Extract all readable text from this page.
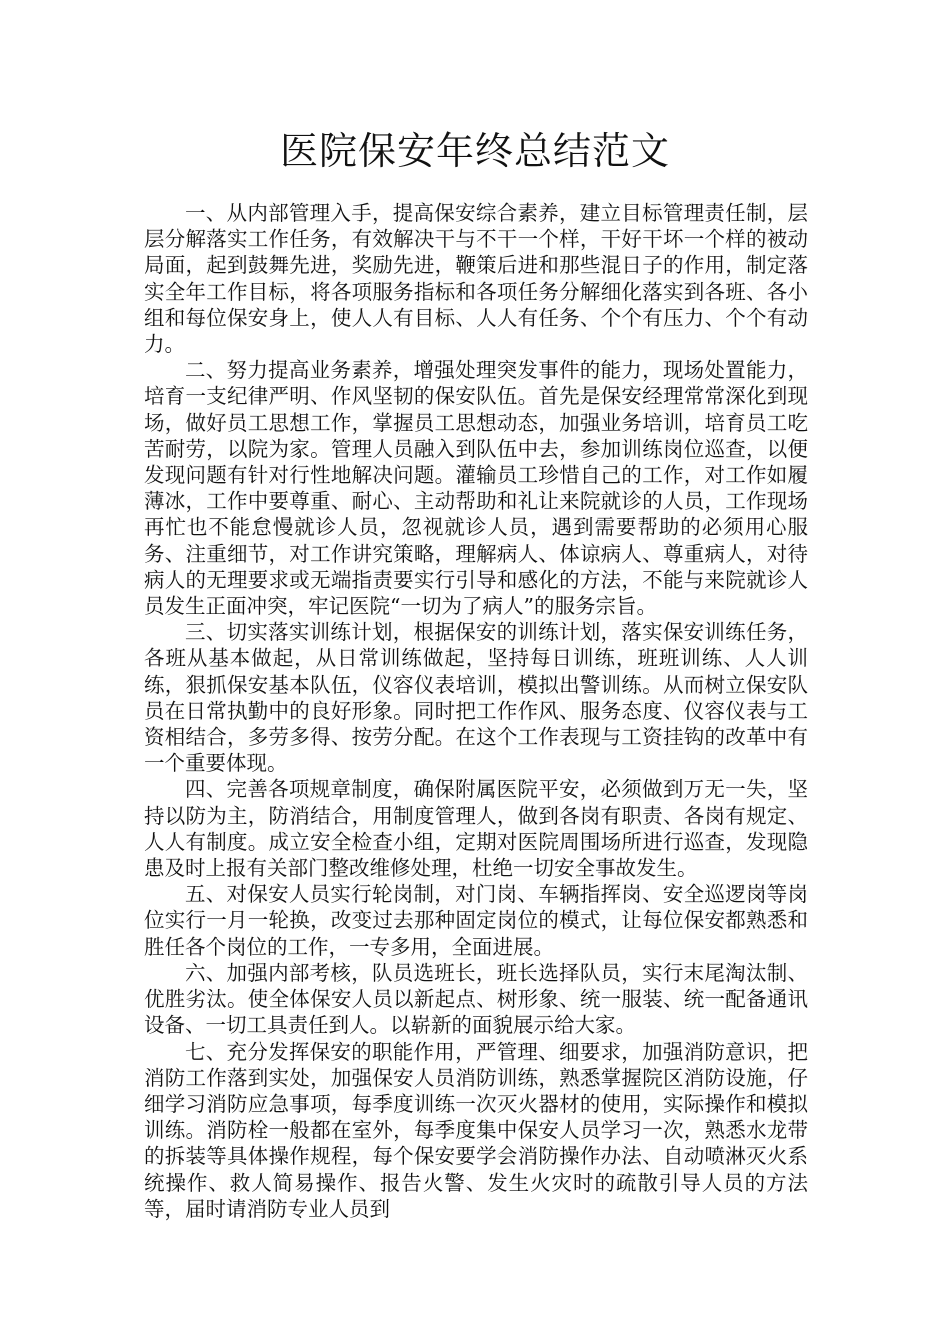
医院保安年终总结范文

一、从内部管理入手，提高保安综合素养，建立目标管理责任制，层层分解落实工作任务，有效解决干与不干一个样，干好干坏一个样的被动局面，起到鼓舞先进，奖励先进，鞭策后进和那些混日子的作用，制定落实全年工作目标，将各项服务指标和各项任务分解细化落实到各班、各小组和每位保安身上，使人人有目标、人人有任务、个个有压力、个个有动力。

二、努力提高业务素养，增强处理突发事件的能力，现场处置能力，培育一支纪律严明、作风坚韧的保安队伍。首先是保安经理常常深化到现场，做好员工思想工作，掌握员工思想动态，加强业务培训，培育员工吃苦耐劳，以院为家。管理人员融入到队伍中去，参加训练岗位巡查，以便发现问题有针对行性地解决问题。灌输员工珍惜自己的工作，对工作如履薄冰，工作中要尊重、耐心、主动帮助和礼让来院就诊的人员，工作现场再忙也不能怠慢就诊人员，忽视就诊人员，遇到需要帮助的必须用心服务、注重细节，对工作讲究策略，理解病人、体谅病人、尊重病人，对待病人的无理要求或无端指责要实行引导和感化的方法，不能与来院就诊人员发生正面冲突，牢记医院“一切为了病人”的服务宗旨。

三、切实落实训练计划，根据保安的训练计划，落实保安训练任务，各班从基本做起，从日常训练做起，坚持每日训练，班班训练、人人训练，狠抓保安基本队伍，仪容仪表培训，模拟出警训练。从而树立保安队员在日常执勤中的良好形象。同时把工作作风、服务态度、仪容仪表与工资相结合，多劳多得、按劳分配。在这个工作表现与工资挂钩的改革中有一个重要体现。

四、完善各项规章制度，确保附属医院平安，必须做到万无一失，坚持以防为主，防消结合，用制度管理人，做到各岗有职责、各岗有规定、人人有制度。成立安全检查小组，定期对医院周围场所进行巡查，发现隐患及时上报有关部门整改维修处理，杜绝一切安全事故发生。

五、对保安人员实行轮岗制，对门岗、车辆指挥岗、安全巡逻岗等岗位实行一月一轮换，改变过去那种固定岗位的模式，让每位保安都熟悉和胜任各个岗位的工作，一专多用，全面进展。

六、加强内部考核，队员选班长，班长选择队员，实行末尾淘汰制、优胜劣汰。使全体保安人员以新起点、树形象、统一服装、统一配备通讯设备、一切工具责任到人。以崭新的面貌展示给大家。

七、充分发挥保安的职能作用，严管理、细要求，加强消防意识，把消防工作落到实处，加强保安人员消防训练，熟悉掌握院区消防设施，仔细学习消防应急事项，每季度训练一次灭火器材的使用，实际操作和模拟训练。消防栓一般都在室外，每季度集中保安人员学习一次，熟悉水龙带的拆装等具体操作规程，每个保安要学会消防操作办法、自动喷淋灭火系统操作、救人简易操作、报告火警、发生火灾时的疏散引导人员的方法等，届时请消防专业人员到
